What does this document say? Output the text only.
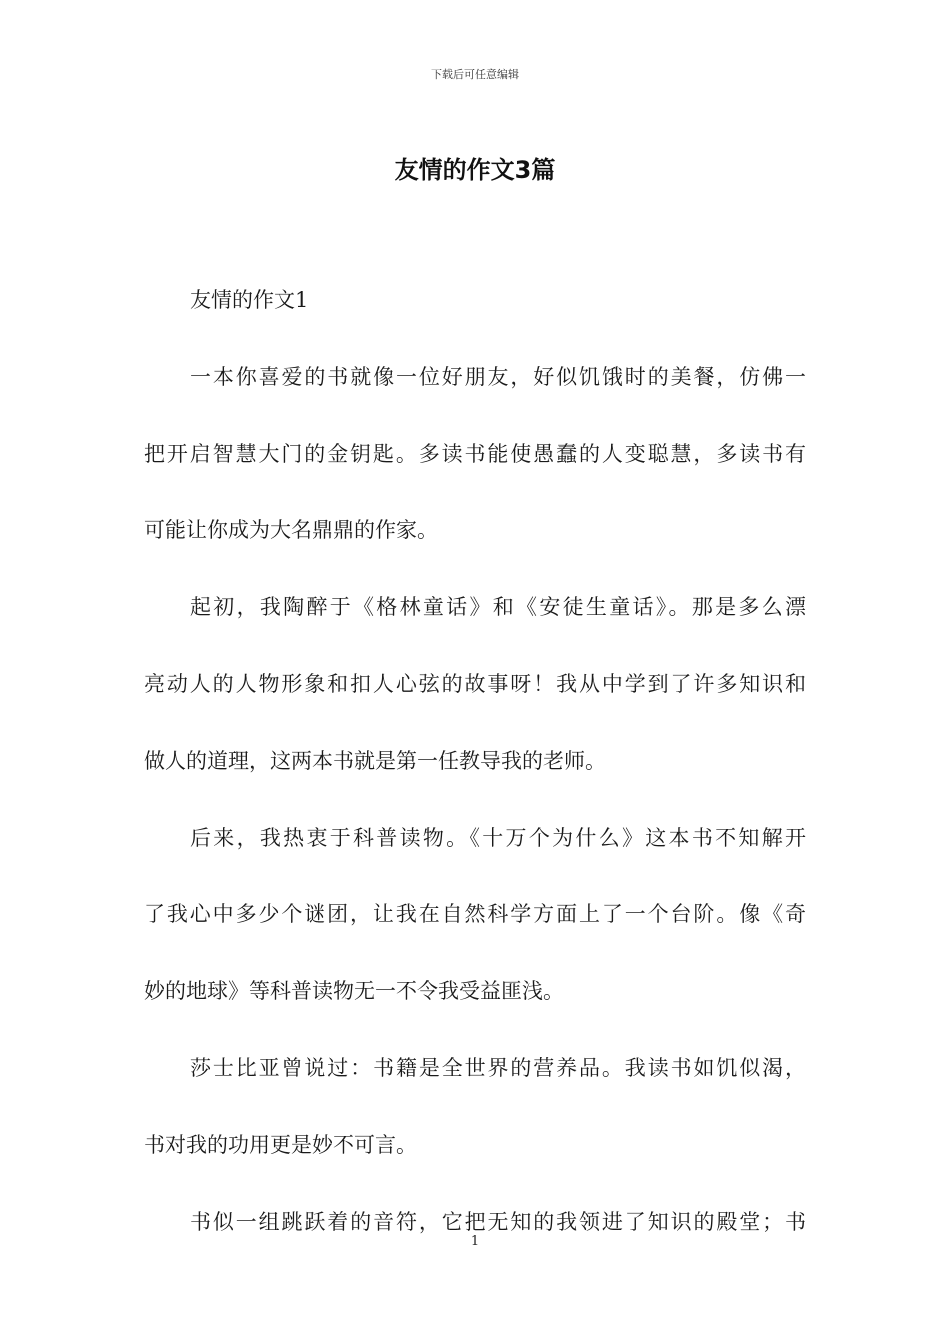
下载后可任意编辑
友情的作文3篇
友情的作文1
一本你喜爱的书就像一位好朋友，好似饥饿时的美餐，仿佛一
把开启智慧大门的金钥匙。多读书能使愚蠢的人变聪慧，多读书有
可能让你成为大名鼎鼎的作家。
起初，我陶醉于《格林童话》和《安徒生童话》。那是多么漂
亮动人的人物形象和扣人心弦的故事呀！我从中学到了许多知识和
做人的道理，这两本书就是第一任教导我的老师。
后来，我热衷于科普读物。《十万个为什么》这本书不知解开
了我心中多少个谜团，让我在自然科学方面上了一个台阶。像《奇
妙的地球》等科普读物无一不令我受益匪浅。
莎士比亚曾说过：书籍是全世界的营养品。我读书如饥似渴，
书对我的功用更是妙不可言。
书似一组跳跃着的音符，它把无知的我领进了知识的殿堂；书
1
